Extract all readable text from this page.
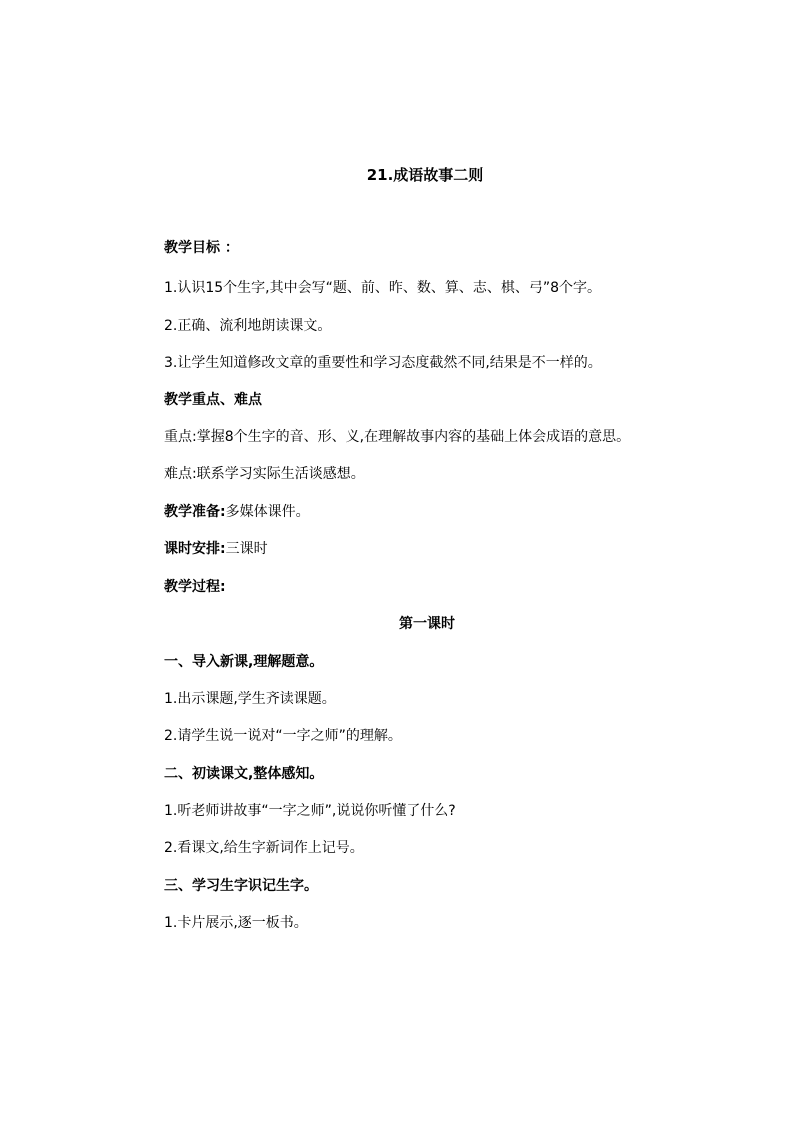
21.成语故事二则
教学目标 ：
1.认识15个生字,其中会写“题、前、昨、数、算、志、棋、弓”8个字。
2.正确、流利地朗读课文。
3.让学生知道修改文章的重要性和学习态度截然不同,结果是不一样的。
教学重点、难点
重点:掌握8个生字的音、形、义,在理解故事内容的基础上体会成语的意思。
难点:联系学习实际生活谈感想。
教学准备:多媒体课件。
课时安排:三课时
教学过程:
第一课时
一、导入新课,理解题意。
1.出示课题,学生齐读课题。
2.请学生说一说对“一字之师”的理解。
二、初读课文,整体感知。
1.听老师讲故事“一字之师”,说说你听懂了什么?
2.看课文,给生字新词作上记号。
三、学习生字识记生字。
1.卡片展示,逐一板书。
